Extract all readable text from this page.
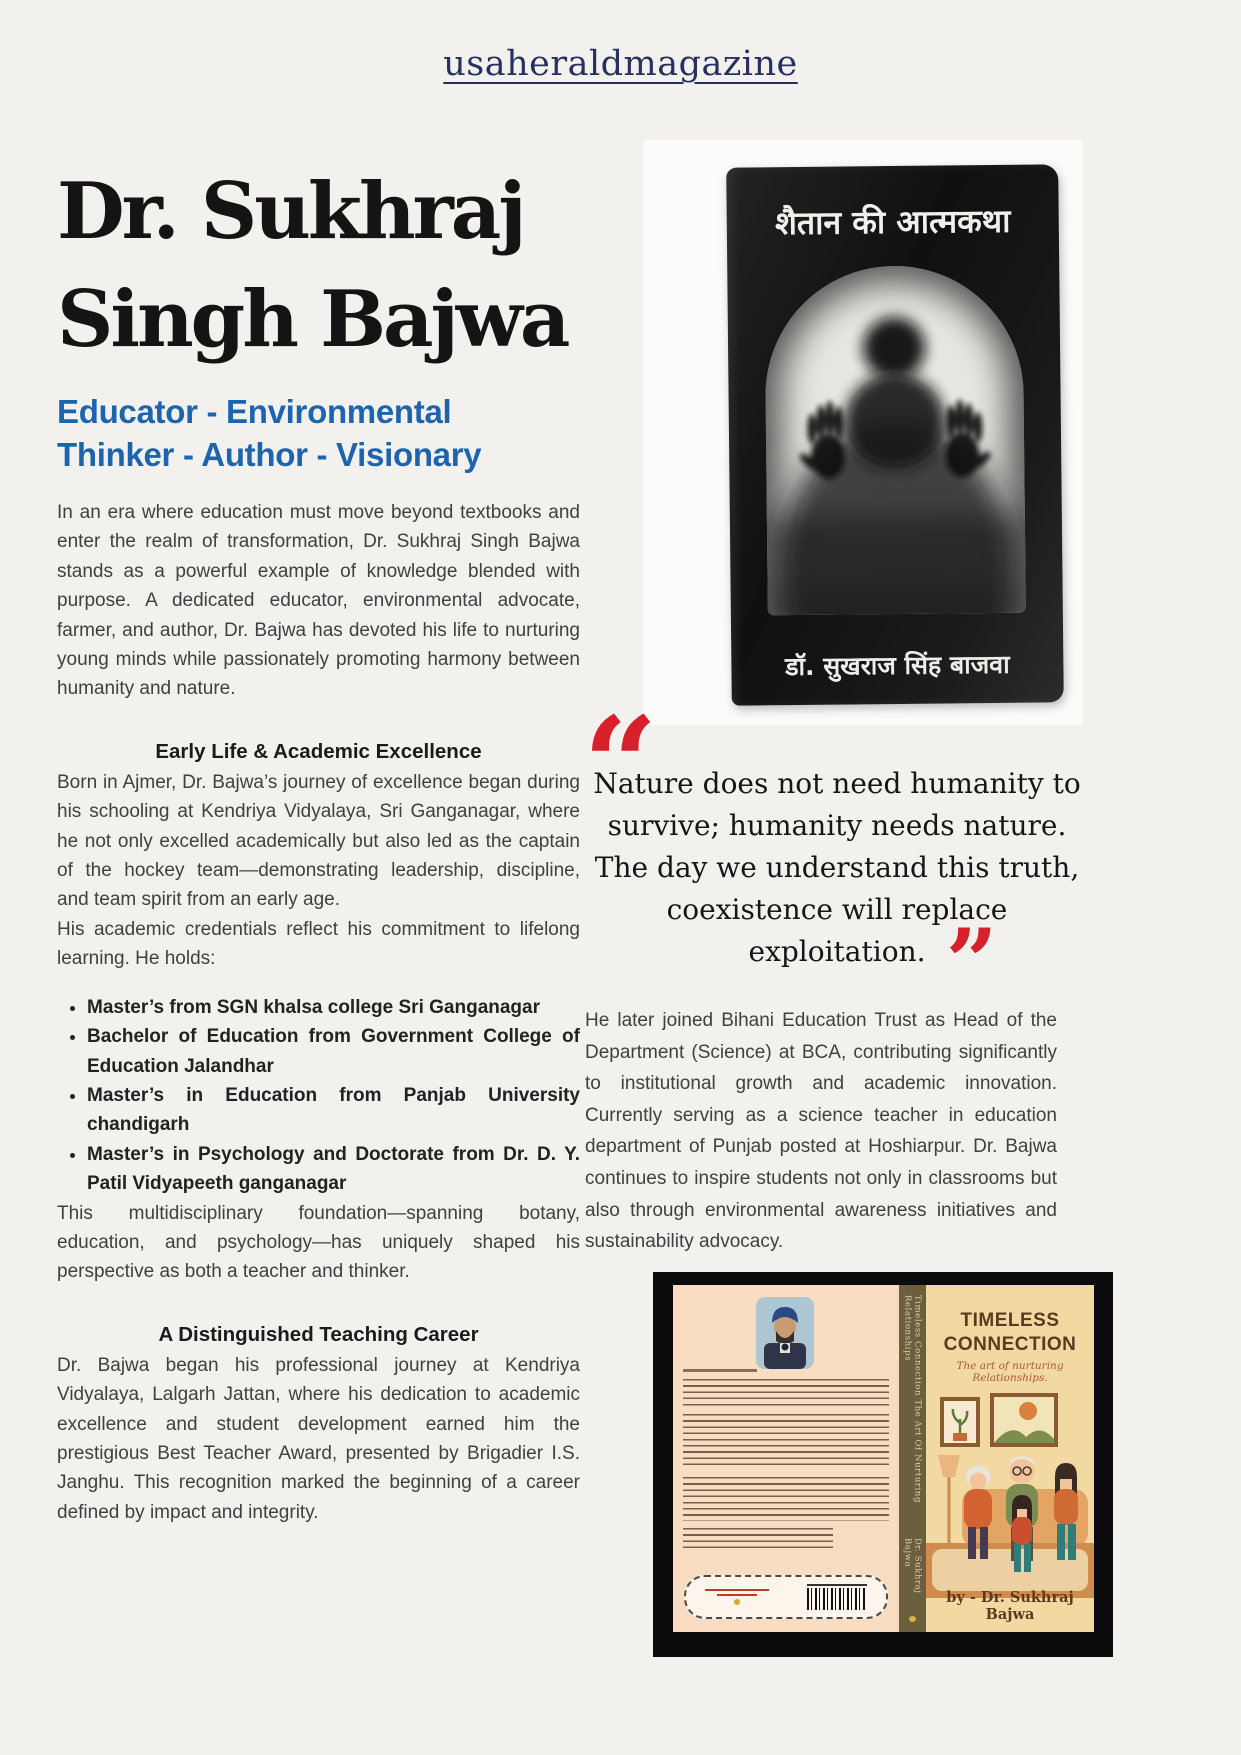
usaheraldmagazine
Dr. Sukhraj
Singh Bajwa
Educator - Environmental
Thinker - Author - Visionary

In an era where education must move beyond textbooks and enter the realm of transformation, Dr. Sukhraj Singh Bajwa stands as a powerful example of knowledge blended with purpose. A dedicated educator, environmental advocate, farmer, and author, Dr. Bajwa has devoted his life to nurturing young minds while passionately promoting harmony between humanity and nature.

Early Life & Academic Excellence

Born in Ajmer, Dr. Bajwa’s journey of excellence began during his schooling at Kendriya Vidyalaya, Sri Ganganagar, where he not only excelled academically but also led as the captain of the hockey team—demonstrating leadership, discipline, and team spirit from an early age.

His academic credentials reflect his commitment to lifelong learning. He holds:

• Master’s from SGN khalsa college Sri Ganganagar
• Bachelor of Education from Government College of Education Jalandhar
• Master’s in Education from Panjab University chandigarh
• Master’s in Psychology and Doctorate from Dr. D. Y. Patil Vidyapeeth ganganagar

This multidisciplinary foundation—spanning botany, education, and psychology—has uniquely shaped his perspective as both a teacher and thinker.

A Distinguished Teaching Career

Dr. Bajwa began his professional journey at Kendriya Vidyalaya, Lalgarh Jattan, where his dedication to academic excellence and student development earned him the prestigious Best Teacher Award, presented by Brigadier I.S. Janghu. This recognition marked the beginning of a career defined by impact and integrity.

शैतान की आत्मकथा
डॉ. सुखराज सिंह बाजवा
“
Nature does not need humanity to
survive; humanity needs nature.
The day we understand this truth,
coexistence will replace
exploitation. ”

He later joined Bihani Education Trust as Head of the Department (Science) at BCA, contributing significantly to institutional growth and academic innovation. Currently serving as a science teacher in education department of Punjab posted at Hoshiarpur. Dr. Bajwa continues to inspire students not only in classrooms but also through environmental awareness initiatives and sustainability advocacy.

Timeless Connection The Art Of Nurturing Relationships
Dr. Sukhraj Bajwa
TIMELESS
CONNECTION
The art of nurturing Relationships.
by - Dr. Sukhraj Bajwa
